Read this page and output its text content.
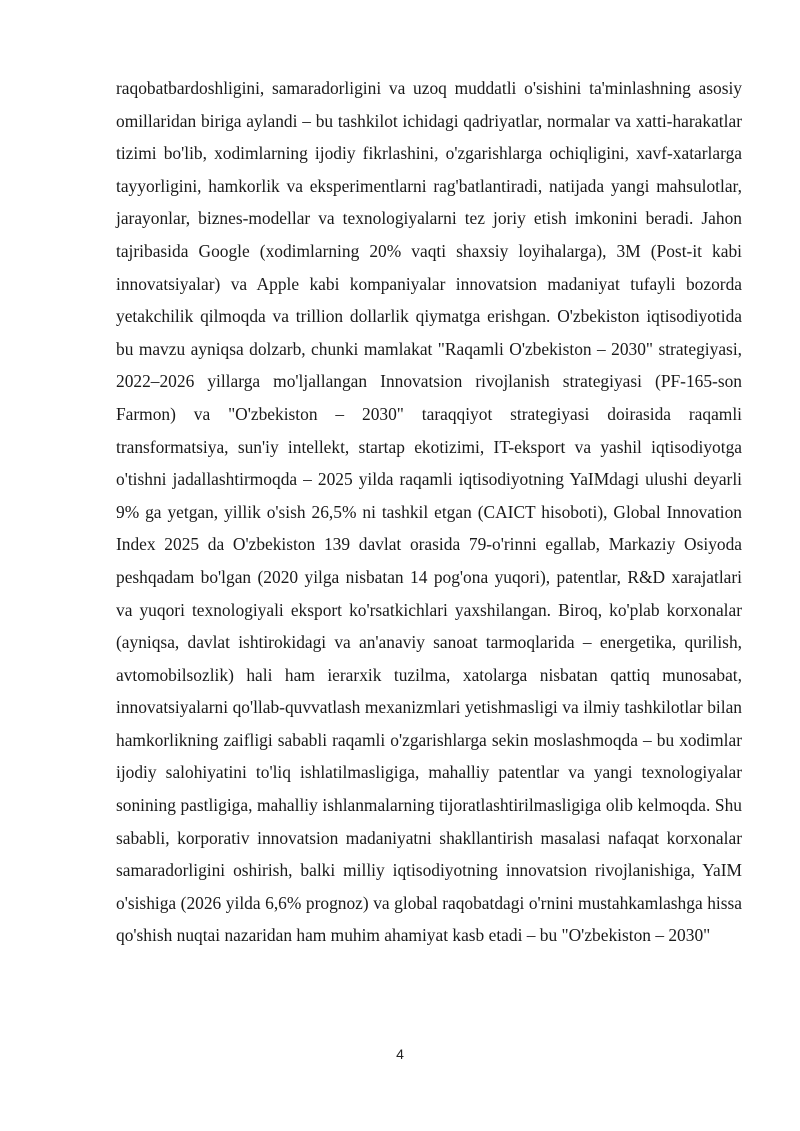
raqobatbardoshligini, samaradorligini va uzoq muddatli o'sishini ta'minlashning asosiy omillaridan biriga aylandi – bu tashkilot ichidagi qadriyatlar, normalar va xatti-harakatlar tizimi bo'lib, xodimlarning ijodiy fikrlashini, o'zgarishlarga ochiqligini, xavf-xatarlarga tayyorligini, hamkorlik va eksperimentlarni rag'batlantiradi, natijada yangi mahsulotlar, jarayonlar, biznes-modellar va texnologiyalarni tez joriy etish imkonini beradi. Jahon tajribasida Google (xodimlarning 20% vaqti shaxsiy loyihalarga), 3M (Post-it kabi innovatsiyalar) va Apple kabi kompaniyalar innovatsion madaniyat tufayli bozorda yetakchilik qilmoqda va trillion dollarlik qiymatga erishgan. O'zbekiston iqtisodiyotida bu mavzu ayniqsa dolzarb, chunki mamlakat "Raqamli O'zbekiston – 2030" strategiyasi, 2022–2026 yillarga mo'ljallangan Innovatsion rivojlanish strategiyasi (PF-165-son Farmon) va "O'zbekiston – 2030" taraqqiyot strategiyasi doirasida raqamli transformatsiya, sun'iy intellekt, startap ekotizimi, IT-eksport va yashil iqtisodiyotga o'tishni jadallashtirmoqda – 2025 yilda raqamli iqtisodiyotning YaIMdagi ulushi deyarli 9% ga yetgan, yillik o'sish 26,5% ni tashkil etgan (CAICT hisoboti), Global Innovation Index 2025 da O'zbekiston 139 davlat orasida 79-o'rinni egallab, Markaziy Osiyoda peshqadam bo'lgan (2020 yilga nisbatan 14 pog'ona yuqori), patentlar, R&D xarajatlari va yuqori texnologiyali eksport ko'rsatkichlari yaxshilangan. Biroq, ko'plab korxonalar (ayniqsa, davlat ishtirokidagi va an'anaviy sanoat tarmoqlarida – energetika, qurilish, avtomobilsozlik) hali ham ierarxik tuzilma, xatolarga nisbatan qattiq munosabat, innovatsiyalarni qo'llab-quvvatlash mexanizmlari yetishmasligi va ilmiy tashkilotlar bilan hamkorlikning zaifligi sababli raqamli o'zgarishlarga sekin moslashmoqda – bu xodimlar ijodiy salohiyatini to'liq ishlatilmasligiga, mahalliy patentlar va yangi texnologiyalar sonining pastligiga, mahalliy ishlanmalarning tijoratlashtirilmasligiga olib kelmoqda. Shu sababli, korporativ innovatsion madaniyatni shakllantirish masalasi nafaqat korxonalar samaradorligini oshirish, balki milliy iqtisodiyotning innovatsion rivojlanishiga, YaIM o'sishiga (2026 yilda 6,6% prognoz) va global raqobatdagi o'rnini mustahkamlashga hissa qo'shish nuqtai nazaridan ham muhim ahamiyat kasb etadi – bu "O'zbekiston – 2030"

4
